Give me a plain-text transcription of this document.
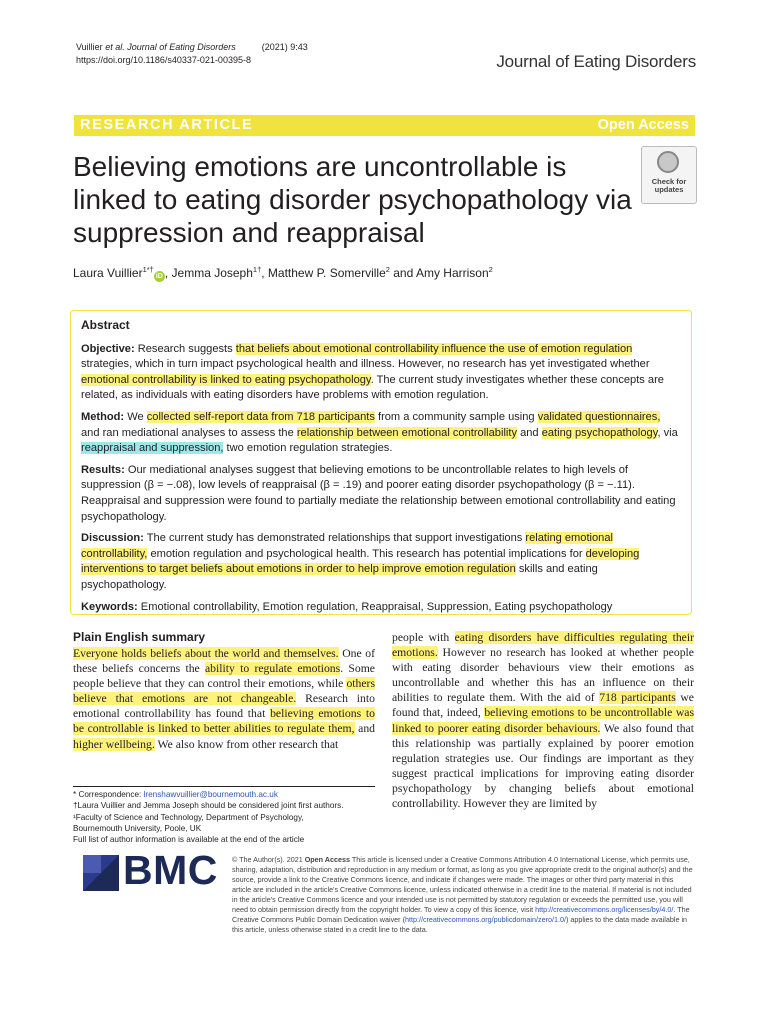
Vuillier et al. Journal of Eating Disorders	(2021) 9:43
https://doi.org/10.1186/s40337-021-00395-8	Journal of Eating Disorders
RESEARCH ARTICLE	Open Access
Believing emotions are uncontrollable is linked to eating disorder psychopathology via suppression and reappraisal
Check for
updates
Laura Vuillier$^{1*\dagger}$iD , Jemma Joseph$^{1\dagger}$, Matthew P. Somerville$^2$ and Amy Harrison$^2$
Abstract

Objective: Research suggests that beliefs about emotional controllability influence the use of emotion regulation strategies, which in turn impact psychological health and illness. However, no research has yet investigated whether emotional controllability is linked to eating psychopathology. The current study investigates whether these concepts are related, as individuals with eating disorders have problems with emotion regulation.

Method: We collected self-report data from 718 participants from a community sample using validated questionnaires, and ran mediational analyses to assess the relationship between emotional controllability and eating psychopathology, via reappraisal and suppression, two emotion regulation strategies.

Results: Our mediational analyses suggest that believing emotions to be uncontrollable relates to high levels of suppression (β = −.08), low levels of reappraisal (β = .19) and poorer eating disorder psychopathology (β = −.11). Reappraisal and suppression were found to partially mediate the relationship between emotional controllability and eating psychopathology.

Discussion: The current study has demonstrated relationships that support investigations relating emotional controllability, emotion regulation and psychological health. This research has potential implications for developing interventions to target beliefs about emotions in order to help improve emotion regulation skills and eating psychopathology.

Keywords: Emotional controllability, Emotion regulation, Reappraisal, Suppression, Eating psychopathology

Plain English summary
Everyone holds beliefs about the world and themselves. One of these beliefs concerns the ability to regulate emotions. Some people believe that they can control their emotions, while others believe that emotions are not changeable. Research into emotional controllability has found that believing emotions to be controllable is linked to better abilities to regulate them, and higher wellbeing. We also know from other research that
people with eating disorders have difficulties regulating their emotions. However no research has looked at whether people with eating disorder behaviours view their emotions as uncontrollable and whether this has an influence on their abilities to regulate them. With the aid of 718 participants we found that, indeed, believing emotions to be uncontrollable was linked to poorer eating disorder behaviours. We also found that this relationship was partially explained by poorer emotion regulation strategies use. Our findings are important as they suggest practical implications for improving eating disorder psychopathology by changing beliefs about emotional controllability. However they are limited by
* Correspondence: lrenshawvuillier@bournemouth.ac.uk
†Laura Vuillier and Jemma Joseph should be considered joint first authors.
¹Faculty of Science and Technology, Department of Psychology,
Bournemouth University, Poole, UK
Full list of author information is available at the end of the article
BMC © The Author(s). 2021 Open Access This article is licensed under a Creative Commons Attribution 4.0 International License, which permits use, sharing, adaptation, distribution and reproduction in any medium or format, as long as you give appropriate credit to the original author(s) and the source, provide a link to the Creative Commons licence, and indicate if changes were made. The images or other third party material in this article are included in the article's Creative Commons licence, unless indicated otherwise in a credit line to the material. If material is not included in the article's Creative Commons licence and your intended use is not permitted by statutory regulation or exceeds the permitted use, you will need to obtain permission directly from the copyright holder. To view a copy of this licence, visit http://creativecommons.org/licenses/by/4.0/. The Creative Commons Public Domain Dedication waiver (http://creativecommons.org/publicdomain/zero/1.0/) applies to the data made available in this article, unless otherwise stated in a credit line to the data.
